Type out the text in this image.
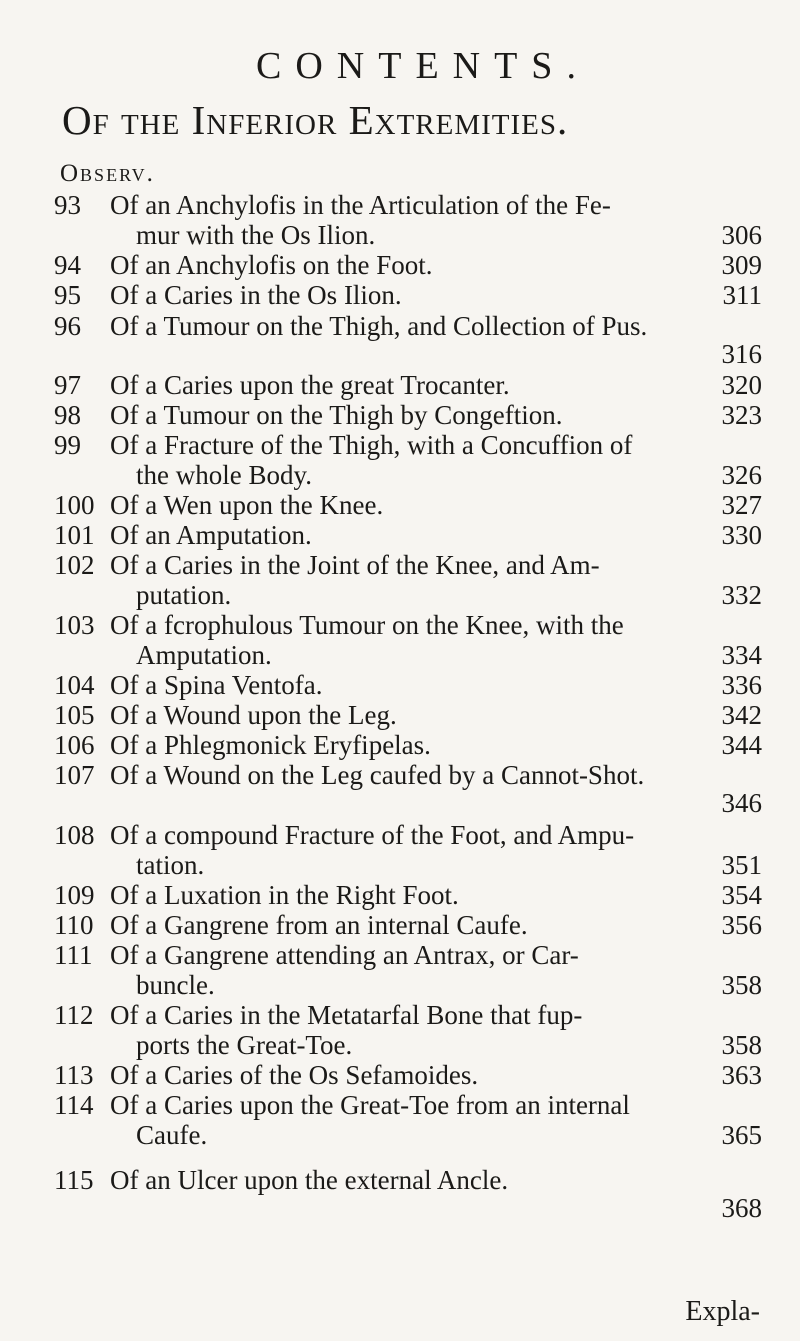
CONTENTS.
Of the Inferior Extremities.
Observ.
93	Of an Anchylofis in the Articulation of the Fe-
mur with the Os Ilion.	306
94	Of an Anchylofis on the Foot.	309
95	Of a Caries in the Os Ilion.	311
96	Of a Tumour on the Thigh, and Collection of Pus.
316
97	Of a Caries upon the great Trocanter.	320
98	Of a Tumour on the Thigh by Congeftion.	323
99	Of a Fracture of the Thigh, with a Concuffion of
the whole Body.	326
100 Of a Wen upon the Knee.	327
101 Of an Amputation.	330
102 Of a Caries in the Joint of the Knee, and Am-
putation.	332
103 Of a fcrophulous Tumour on the Knee, with the
Amputation.	334
104 Of a Spina Ventofa.	336
105 Of a Wound upon the Leg.	342
106 Of a Phlegmonick Eryfipelas.	344
107 Of a Wound on the Leg caufed by a Cannot-Shot.
346
108 Of a compound Fracture of the Foot, and Ampu-
tation.	351
109 Of a Luxation in the Right Foot.	354
110 Of a Gangrene from an internal Caufe.	356
111 Of a Gangrene attending an Antrax, or Car-
buncle.	358
112 Of a Caries in the Metatarfal Bone that fup-
ports the Great-Toe.	358
113 Of a Caries of the Os Sefamoides.	363
114 Of a Caries upon the Great-Toe from an internal
Caufe.	365
115 Of an Ulcer upon the external Ancle.
368
Expla-
